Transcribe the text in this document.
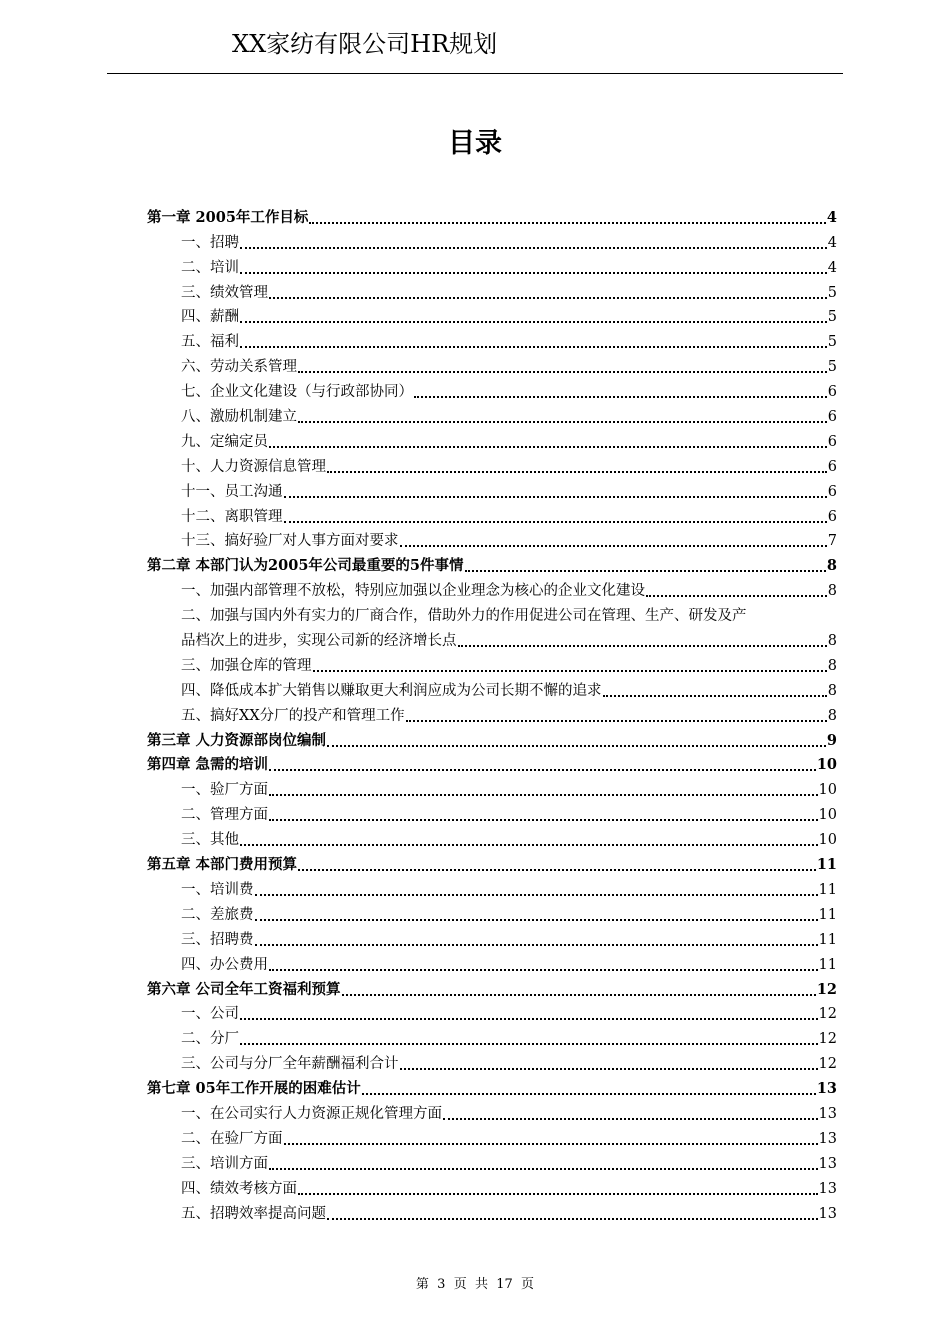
XX家纺有限公司HR规划
目录
第一章 2005年工作目标	4
一、招聘	4
二、培训	4
三、绩效管理	5
四、薪酬	5
五、福利	5
六、劳动关系管理	5
七、企业文化建设（与行政部协同）	6
八、激励机制建立	6
九、定编定员	6
十、人力资源信息管理	6
十一、员工沟通	6
十二、离职管理	6
十三、搞好验厂对人事方面对要求	7
第二章 本部门认为2005年公司最重要的5件事情	8
一、加强内部管理不放松，特别应加强以企业理念为核心的企业文化建设	8
二、加强与国内外有实力的厂商合作，借助外力的作用促进公司在管理、生产、研发及产
品档次上的进步，实现公司新的经济增长点	8
三、加强仓库的管理	8
四、降低成本扩大销售以赚取更大利润应成为公司长期不懈的追求	8
五、搞好XX分厂的投产和管理工作	8
第三章 人力资源部岗位编制	9
第四章 急需的培训	10
一、验厂方面	10
二、管理方面	10
三、其他	10
第五章 本部门费用预算	11
一、培训费	11
二、差旅费	11
三、招聘费	11
四、办公费用	11
第六章 公司全年工资福利预算	12
一、公司	12
二、分厂	12
三、公司与分厂全年薪酬福利合计	12
第七章 05年工作开展的困难估计	13
一、在公司实行人力资源正规化管理方面	13
二、在验厂方面	13
三、培训方面	13
四、绩效考核方面	13
五、招聘效率提高问题	13
第  3  页  共  17  页
